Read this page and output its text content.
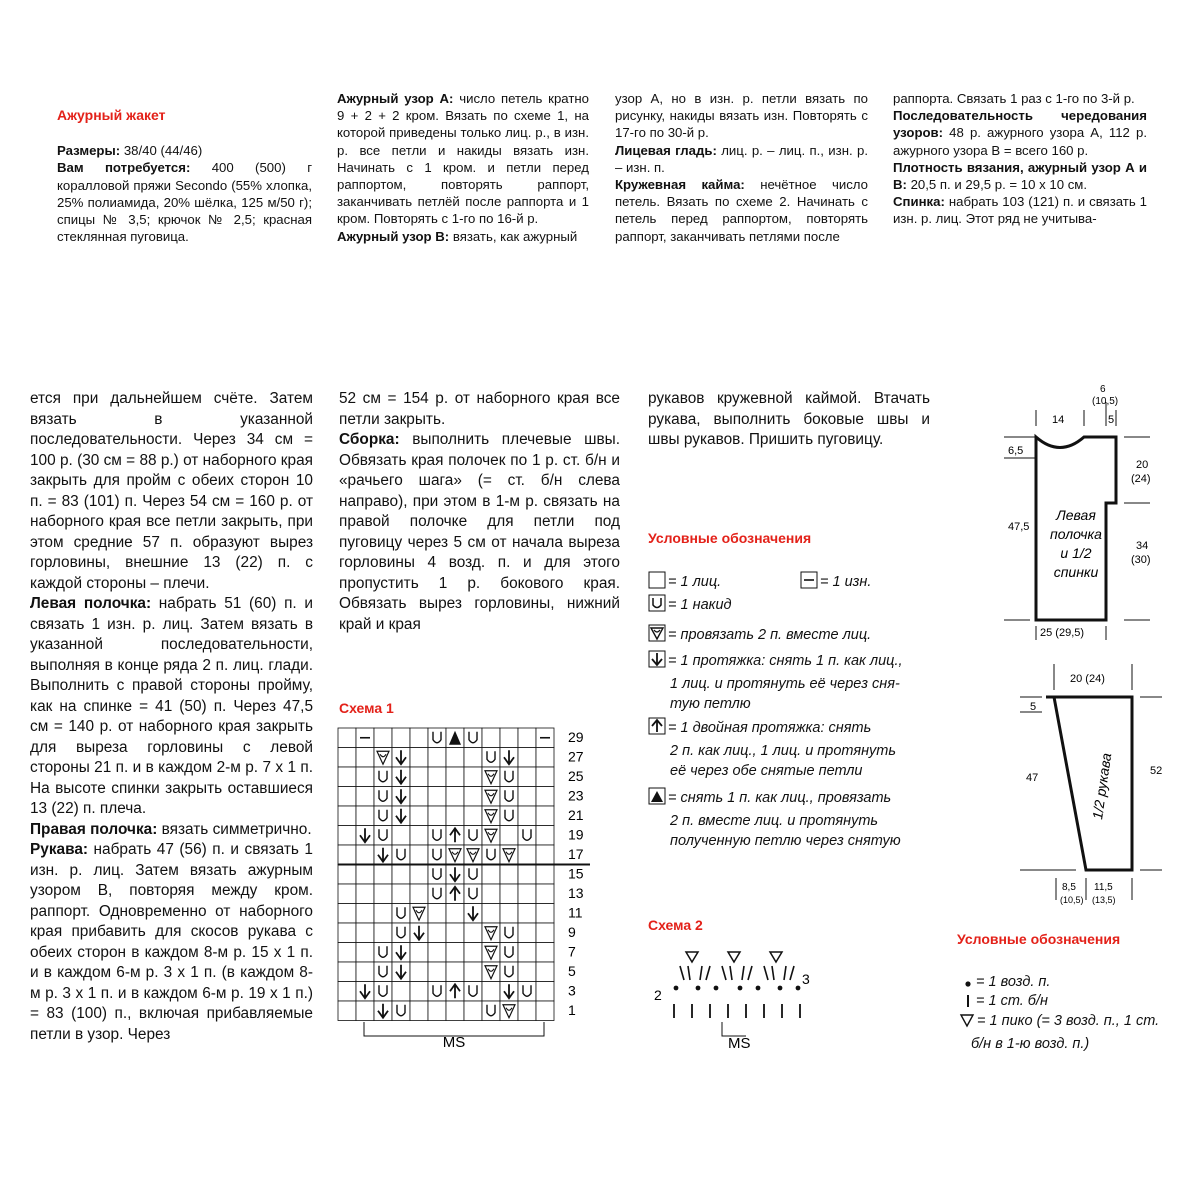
Ажурный жакет

Размеры: 38/40 (44/46)

Вам потребуется: 400 (500) г коралловой пряжи Secondo (55% хлопка, 25% полиамида, 20% шёлка, 125 м/50 г); спицы № 3,5; крючок № 2,5; красная стеклянная пуговица.

Ажурный узор А: число петель кратно 9 + 2 + 2 кром. Вязать по схеме 1, на которой приведены только лиц. р., в изн. р. все петли и накиды вязать изн. Начинать с 1 кром. и петли перед раппортом, повторять раппорт, заканчивать петлёй после раппорта и 1 кром. Повторять с 1-го по 16-й р.

Ажурный узор В: вязать, как ажурный

узор А, но в изн. р. петли вязать по рисунку, накиды вязать изн. Повторять с 17-го по 30-й р.

Лицевая гладь: лиц. р. – лиц. п., изн. р. – изн. п.

Кружевная кайма: нечётное число петель. Вязать по схеме 2. Начинать с петель перед раппортом, повторять раппорт, заканчивать петлями после

раппорта. Связать 1 раз с 1-го по 3-й р.

Последовательность чередования узоров: 48 р. ажурного узора А, 112 р. ажурного узора В = всего 160 р.

Плотность вязания, ажурный узор А и В: 20,5 п. и 29,5 р. = 10 х 10 см.

Спинка: набрать 103 (121) п. и связать 1 изн. р. лиц. Этот ряд не учитыва-

ется при дальнейшем счёте. Затем вязать в указанной последовательности. Через 34 см = 100 р. (30 см = 88 р.) от наборного края закрыть для пройм с обеих сторон 10 п. = 83 (101) п. Через 54 см = 160 р. от наборного края все петли закрыть, при этом средние 57 п. образуют вырез горловины, внешние 13 (22) п. с каждой стороны – плечи.

Левая полочка: набрать 51 (60) п. и связать 1 изн. р. лиц. Затем вязать в указанной последовательности, выполняя в конце ряда 2 п. лиц. глади. Выполнить с правой стороны пройму, как на спинке = 41 (50) п. Через 47,5 см = 140 р. от наборного края закрыть для выреза горловины с левой стороны 21 п. и в каждом 2-м р. 7 х 1 п. На высоте спинки закрыть оставшиеся 13 (22) п. плеча.

Правая полочка: вязать симметрично.

Рукава: набрать 47 (56) п. и связать 1 изн. р. лиц. Затем вязать ажурным узором В, повторяя между кром. раппорт. Одновременно от наборного края прибавить для скосов рукава с обеих сторон в каждом 8-м р. 15 х 1 п. и в каждом 6-м р. 3 х 1 п. (в каждом 8-м р. 3 х 1 п. и в каждом 6-м р. 19 х 1 п.) = 83 (100) п., включая прибавляемые петли в узор. Через

52 см = 154 р. от наборного края все петли закрыть.

Сборка: выполнить плечевые швы. Обвязать края полочек по 1 р. ст. б/н и «рачьего шага» (= ст. б/н слева направо), при этом в 1-м р. связать на правой полочке для петли под пуговицу через 5 см от начала выреза горловины 4 возд. п. и для этого пропустить 1 р. бокового края. Обвязать вырез горловины, нижний край и края

рукавов кружевной каймой. Втачать рукава, выполнить боковые швы и швы рукавов. Пришить пуговицу.

Схема 1
29
27
25
23
21
19
17
15
13
11
9
7
5
3
1
MS
Условные обозначения
= 1 лиц.	= 1 изн.
= 1 накид
= провязать 2 п. вместе лиц.
= 1 протяжка: снять 1 п. как лиц.,
1 лиц. и протянуть её через сня-
тую петлю
= 1 двойная протяжка: снять
2 п. как лиц., 1 лиц. и протянуть
её через обе снятые петли
= снять 1 п. как лиц., провязать
2 п. вместе лиц. и протянуть
полученную петлю через снятую
Схема 2
2
3
MS
6
(10,5)
14	5
6,5
47,5
20
(24)
34
(30)
25 (29,5)
Левая
полочка
и 1/2
спинки
20 (24)
5
47
52
8,5
(10,5)
11,5
(13,5)
1/2 рукава
Условные обозначения
= 1 возд. п.
= 1 ст. б/н
= 1 пико (= 3 возд. п., 1 ст.
б/н в 1-ю возд. п.)
